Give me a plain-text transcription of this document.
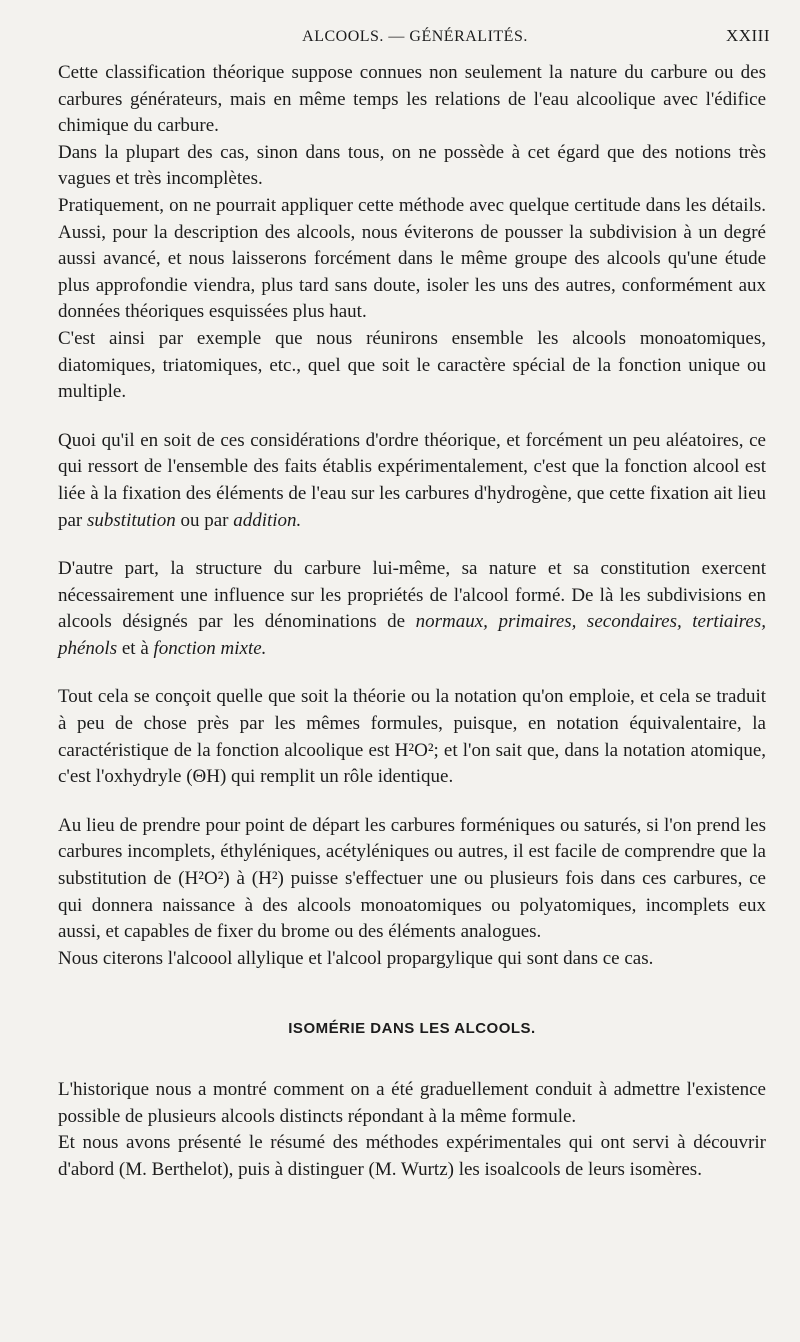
ALCOOLS. — GÉNÉRALITÉS.	XXIII

Cette classification théorique suppose connues non seulement la nature du carbure ou des carbures générateurs, mais en même temps les relations de l'eau alcoolique avec l'édifice chimique du carbure.

Dans la plupart des cas, sinon dans tous, on ne possède à cet égard que des notions très vagues et très incomplètes.

Pratiquement, on ne pourrait appliquer cette méthode avec quelque certitude dans les détails. Aussi, pour la description des alcools, nous éviterons de pousser la subdivision à un degré aussi avancé, et nous laisserons forcément dans le même groupe des alcools qu'une étude plus approfondie viendra, plus tard sans doute, isoler les uns des autres, conformément aux données théoriques esquissées plus haut.

C'est ainsi par exemple que nous réunirons ensemble les alcools monoatomiques, diatomiques, triatomiques, etc., quel que soit le caractère spécial de la fonction unique ou multiple.

Quoi qu'il en soit de ces considérations d'ordre théorique, et forcément un peu aléatoires, ce qui ressort de l'ensemble des faits établis expérimentalement, c'est que la fonction alcool est liée à la fixation des éléments de l'eau sur les carbures d'hydrogène, que cette fixation ait lieu par substitution ou par addition.

D'autre part, la structure du carbure lui-même, sa nature et sa constitution exercent nécessairement une influence sur les propriétés de l'alcool formé. De là les subdivisions en alcools désignés par les dénominations de normaux, primaires, secondaires, tertiaires, phénols et à fonction mixte.

Tout cela se conçoit quelle que soit la théorie ou la notation qu'on emploie, et cela se traduit à peu de chose près par les mêmes formules, puisque, en notation équivalentaire, la caractéristique de la fonction alcoolique est H²O²; et l'on sait que, dans la notation atomique, c'est l'oxhydryle (ΘH) qui remplit un rôle identique.

Au lieu de prendre pour point de départ les carbures forméniques ou saturés, si l'on prend les carbures incomplets, éthyléniques, acétyléniques ou autres, il est facile de comprendre que la substitution de (H²O²) à (H²) puisse s'effectuer une ou plusieurs fois dans ces carbures, ce qui donnera naissance à des alcools monoatomiques ou polyatomiques, incomplets eux aussi, et capables de fixer du brome ou des éléments analogues.

Nous citerons l'alcoool allylique et l'alcool propargylique qui sont dans ce cas.

ISOMÉRIE DANS LES ALCOOLS.

L'historique nous a montré comment on a été graduellement conduit à admettre l'existence possible de plusieurs alcools distincts répondant à la même formule.

Et nous avons présenté le résumé des méthodes expérimentales qui ont servi à découvrir d'abord (M. Berthelot), puis à distinguer (M. Wurtz) les isoalcools de leurs isomères.
